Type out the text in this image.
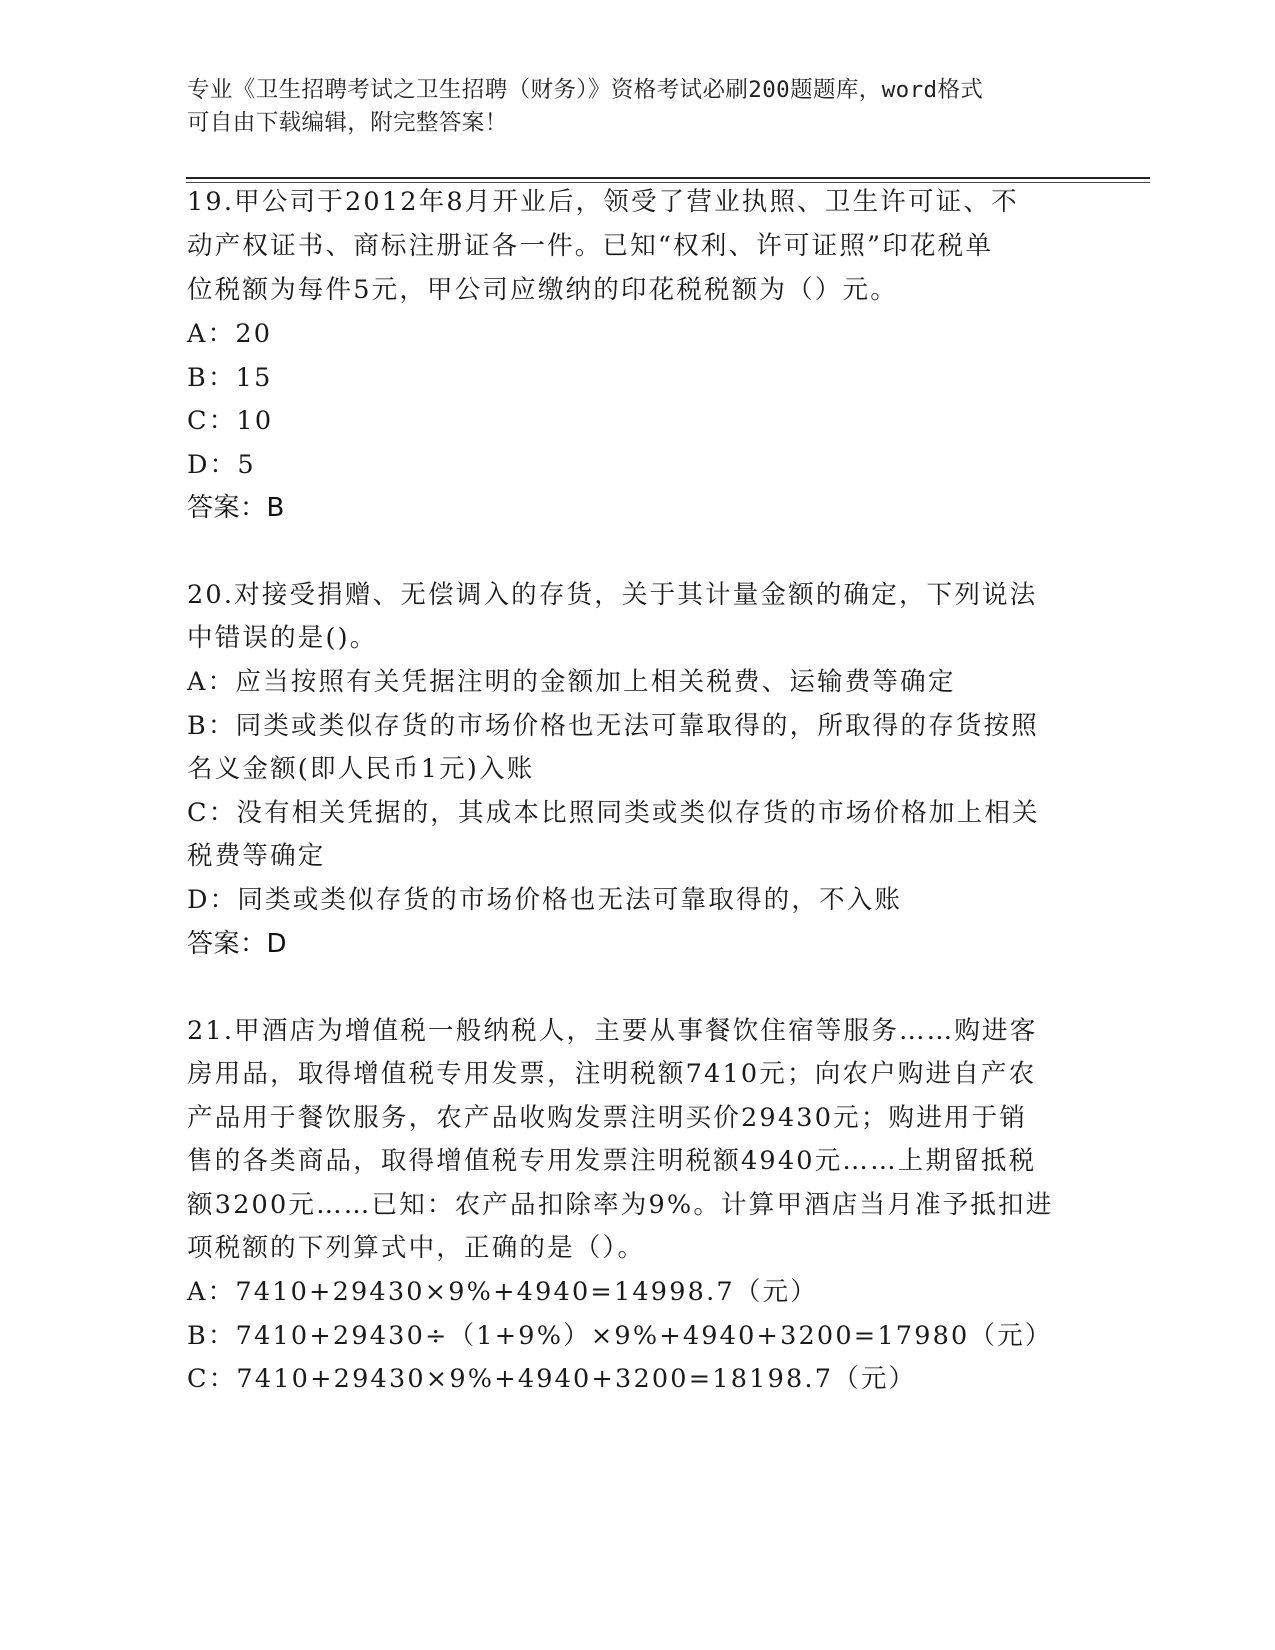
专业《卫生招聘考试之卫生招聘（财务）》资格考试必刷200题题库，word格式
可自由下载编辑，附完整答案！
19.甲公司于2012年8月开业后，领受了营业执照、卫生许可证、不
动产权证书、商标注册证各一件。已知“权利、许可证照”印花税单
位税额为每件5元，甲公司应缴纳的印花税税额为（）元。
A：20
B：15
C：10
D：5
答案：B
20.对接受捐赠、无偿调入的存货，关于其计量金额的确定，下列说法
中错误的是()。
A：应当按照有关凭据注明的金额加上相关税费、运输费等确定
B：同类或类似存货的市场价格也无法可靠取得的，所取得的存货按照
名义金额(即人民币1元)入账
C：没有相关凭据的，其成本比照同类或类似存货的市场价格加上相关
税费等确定
D：同类或类似存货的市场价格也无法可靠取得的，不入账
答案：D
21.甲酒店为增值税一般纳税人，主要从事餐饮住宿等服务……购进客
房用品，取得增值税专用发票，注明税额7410元；向农户购进自产农
产品用于餐饮服务，农产品收购发票注明买价29430元；购进用于销
售的各类商品，取得增值税专用发票注明税额4940元……上期留抵税
额3200元……已知：农产品扣除率为9%。计算甲酒店当月准予抵扣进
项税额的下列算式中，正确的是（）。
A：7410+29430×9%+4940=14998.7（元）
B：7410+29430÷（1+9%）×9%+4940+3200=17980（元）
C：7410+29430×9%+4940+3200=18198.7（元）
